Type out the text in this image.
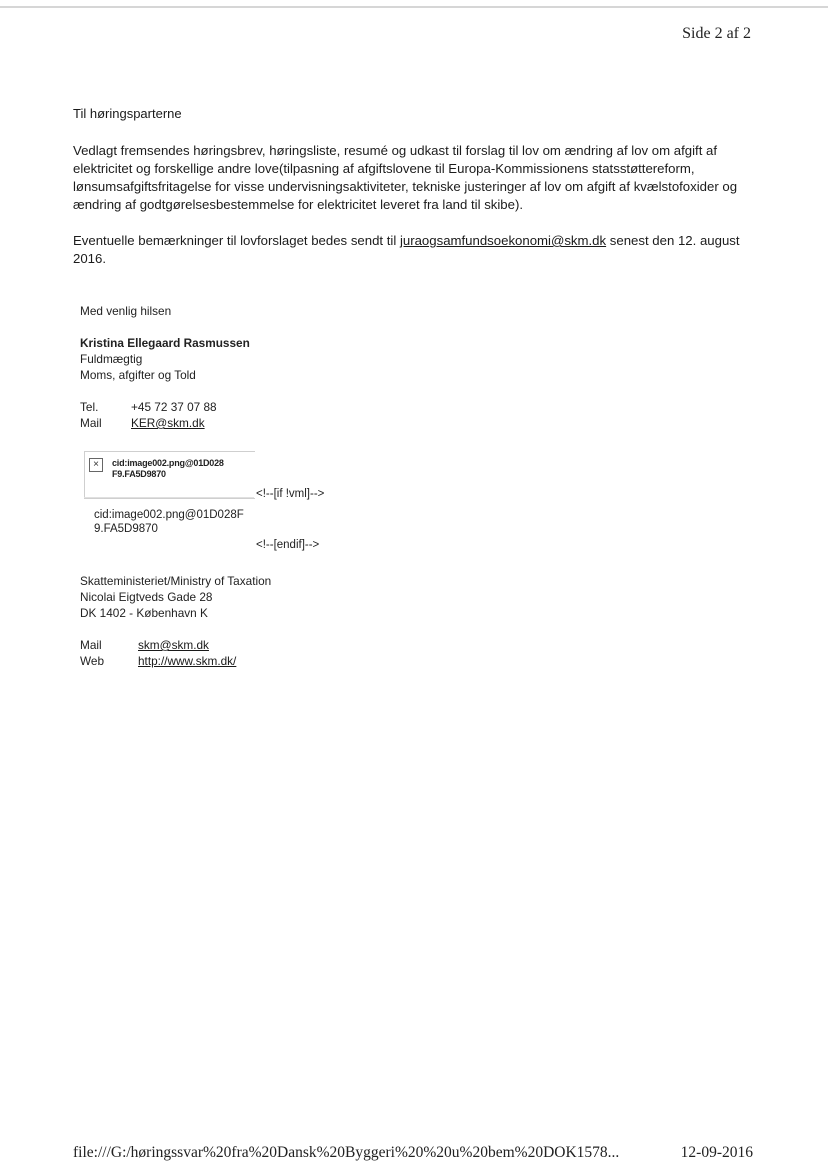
Side 2 af 2
Til høringsparterne
Vedlagt fremsendes høringsbrev, høringsliste, resumé og udkast til forslag til lov om ændring af lov om afgift af elektricitet og forskellige andre love(tilpasning af afgiftslovene til Europa-Kommissionens statsstøttereform, lønsumsafgiftsfritagelse for visse undervisningsaktiviteter, tekniske justeringer af lov om afgift af kvælstofoxider og ændring af godtgørelsesbestemmelse for elektricitet leveret fra land til skibe).
Eventuelle bemærkninger til lovforslaget bedes sendt til juraogsamfundsoekonomi@skm.dk senest den 12. august 2016.
Med venlig hilsen
Kristina Ellegaard Rasmussen
Fuldmægtig
Moms, afgifter og Told
Tel.	+45 72 37 07 88
Mail	KER@skm.dk
×	cid:image002.png@01D028
F9.FA5D9870
<!--[if !vml]-->
cid:image002.png@01D028F
9.FA5D9870
<!--[endif]-->
Skatteministeriet/Ministry of Taxation
Nicolai Eigtveds Gade 28
DK 1402 - København K
Mail	skm@skm.dk
Web	http://www.skm.dk/
file:///G:/høringssvar%20fra%20Dansk%20Byggeri%20%20u%20bem%20DOK1578...	12-09-2016
